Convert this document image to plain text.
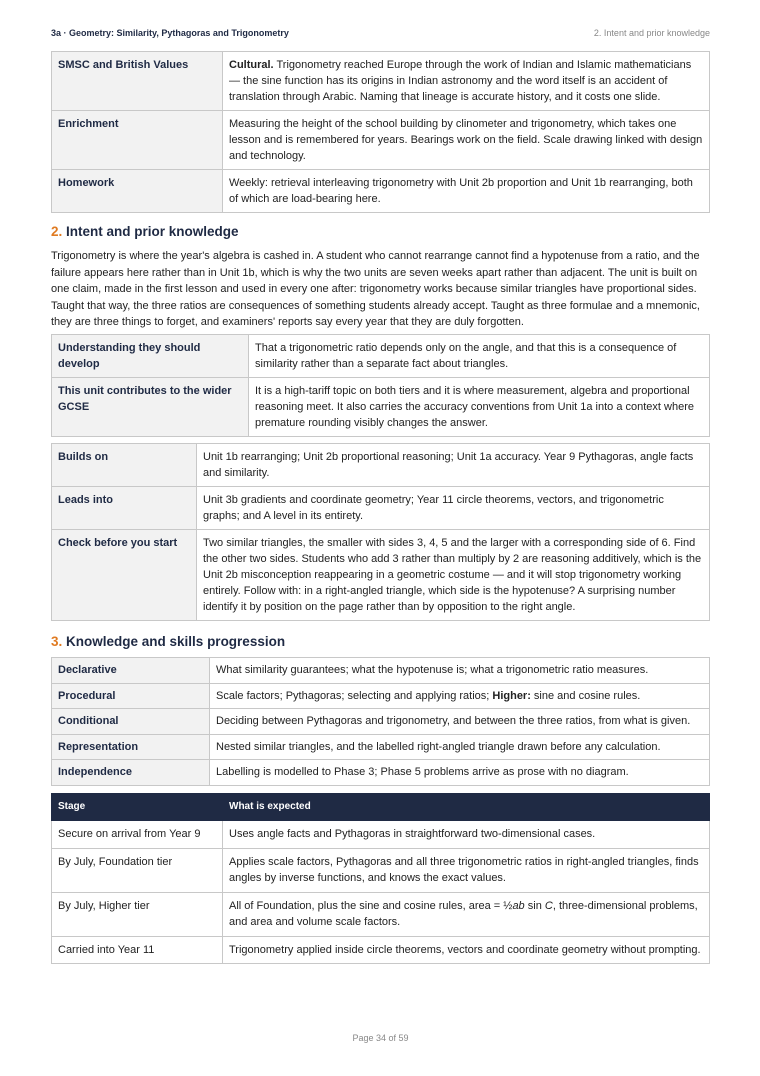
3a · Geometry: Similarity, Pythagoras and Trigonometry	2. Intent and prior knowledge
SMSC and British Values	Cultural. Trigonometry reached Europe through the work of Indian and Islamic mathematicians — the sine function has its origins in Indian astronomy and the word itself is an accident of translation through Arabic. Naming that lineage is accurate history, and it costs one slide.
Enrichment	Measuring the height of the school building by clinometer and trigonometry, which takes one lesson and is remembered for years. Bearings work on the field. Scale drawing linked with design and technology.
Homework	Weekly: retrieval interleaving trigonometry with Unit 2b proportion and Unit 1b rearranging, both of which are load-bearing here.
2. Intent and prior knowledge

Trigonometry is where the year's algebra is cashed in. A student who cannot rearrange cannot find a hypotenuse from a ratio, and the failure appears here rather than in Unit 1b, which is why the two units are seven weeks apart rather than adjacent. The unit is built on one claim, made in the first lesson and used in every one after: trigonometry works because similar triangles have proportional sides. Taught that way, the three ratios are consequences of something students already accept. Taught as three formulae and a mnemonic, they are three things to forget, and examiners' reports say every year that they are duly forgotten.

Understanding they should develop	That a trigonometric ratio depends only on the angle, and that this is a consequence of similarity rather than a separate fact about triangles.
This unit contributes to the wider GCSE	It is a high-tariff topic on both tiers and it is where measurement, algebra and proportional reasoning meet. It also carries the accuracy conventions from Unit 1a into a context where premature rounding visibly changes the answer.
Builds on	Unit 1b rearranging; Unit 2b proportional reasoning; Unit 1a accuracy. Year 9 Pythagoras, angle facts and similarity.
Leads into	Unit 3b gradients and coordinate geometry; Year 11 circle theorems, vectors, and trigonometric graphs; and A level in its entirety.
Check before you start	Two similar triangles, the smaller with sides 3, 4, 5 and the larger with a corresponding side of 6. Find the other two sides. Students who add 3 rather than multiply by 2 are reasoning additively, which is the Unit 2b misconception reappearing in a geometric costume — and it will stop trigonometry working entirely. Follow with: in a right-angled triangle, which side is the hypotenuse? A surprising number identify it by position on the page rather than by opposition to the right angle.
3. Knowledge and skills progression
Declarative	What similarity guarantees; what the hypotenuse is; what a trigonometric ratio measures.
Procedural	Scale factors; Pythagoras; selecting and applying ratios; Higher: sine and cosine rules.
Conditional	Deciding between Pythagoras and trigonometry, and between the three ratios, from what is given.
Representation	Nested similar triangles, and the labelled right-angled triangle drawn before any calculation.
Independence	Labelling is modelled to Phase 3; Phase 5 problems arrive as prose with no diagram.
Stage	What is expected
Secure on arrival from Year 9	Uses angle facts and Pythagoras in straightforward two-dimensional cases.
By July, Foundation tier	Applies scale factors, Pythagoras and all three trigonometric ratios in right-angled triangles, finds angles by inverse functions, and knows the exact values.
By July, Higher tier	All of Foundation, plus the sine and cosine rules, area = ½ab sin C, three-dimensional problems, and area and volume scale factors.
Carried into Year 11	Trigonometry applied inside circle theorems, vectors and coordinate geometry without prompting.
Page 34 of 59
